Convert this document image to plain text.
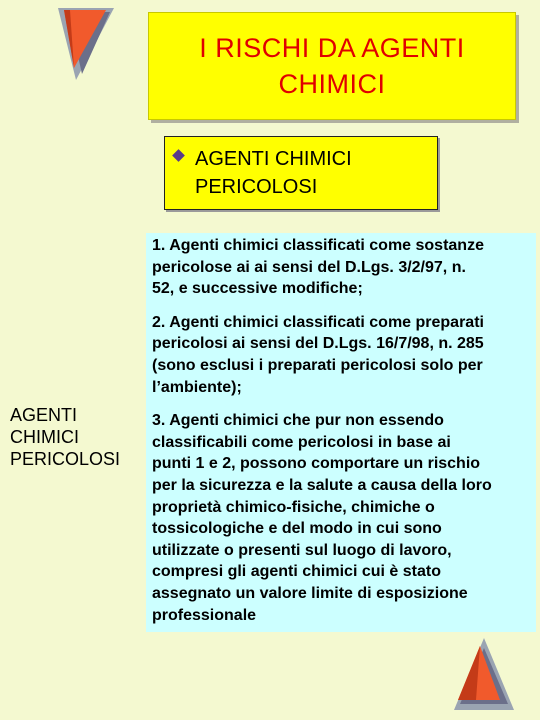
I RISCHI DA AGENTI
CHIMICI
AGENTI CHIMICI
PERICOLOSI
AGENTI
CHIMICI
PERICOLOSI

1. Agenti chimici classificati come sostanze
pericolose ai ai sensi del D.Lgs. 3/2/97, n.
52, e successive modifiche;

2. Agenti chimici classificati come preparati
pericolosi ai sensi del D.Lgs. 16/7/98, n. 285
(sono esclusi i preparati pericolosi solo per
l’ambiente);

3. Agenti chimici che pur non essendo
classificabili come pericolosi in base ai
punti 1 e 2, possono comportare un rischio
per la sicurezza e la salute a causa della loro
proprietà chimico-fisiche, chimiche o
tossicologiche e del modo in cui sono
utilizzate o presenti sul luogo di lavoro,
compresi gli agenti chimici cui è stato
assegnato un valore limite di esposizione
professionale
